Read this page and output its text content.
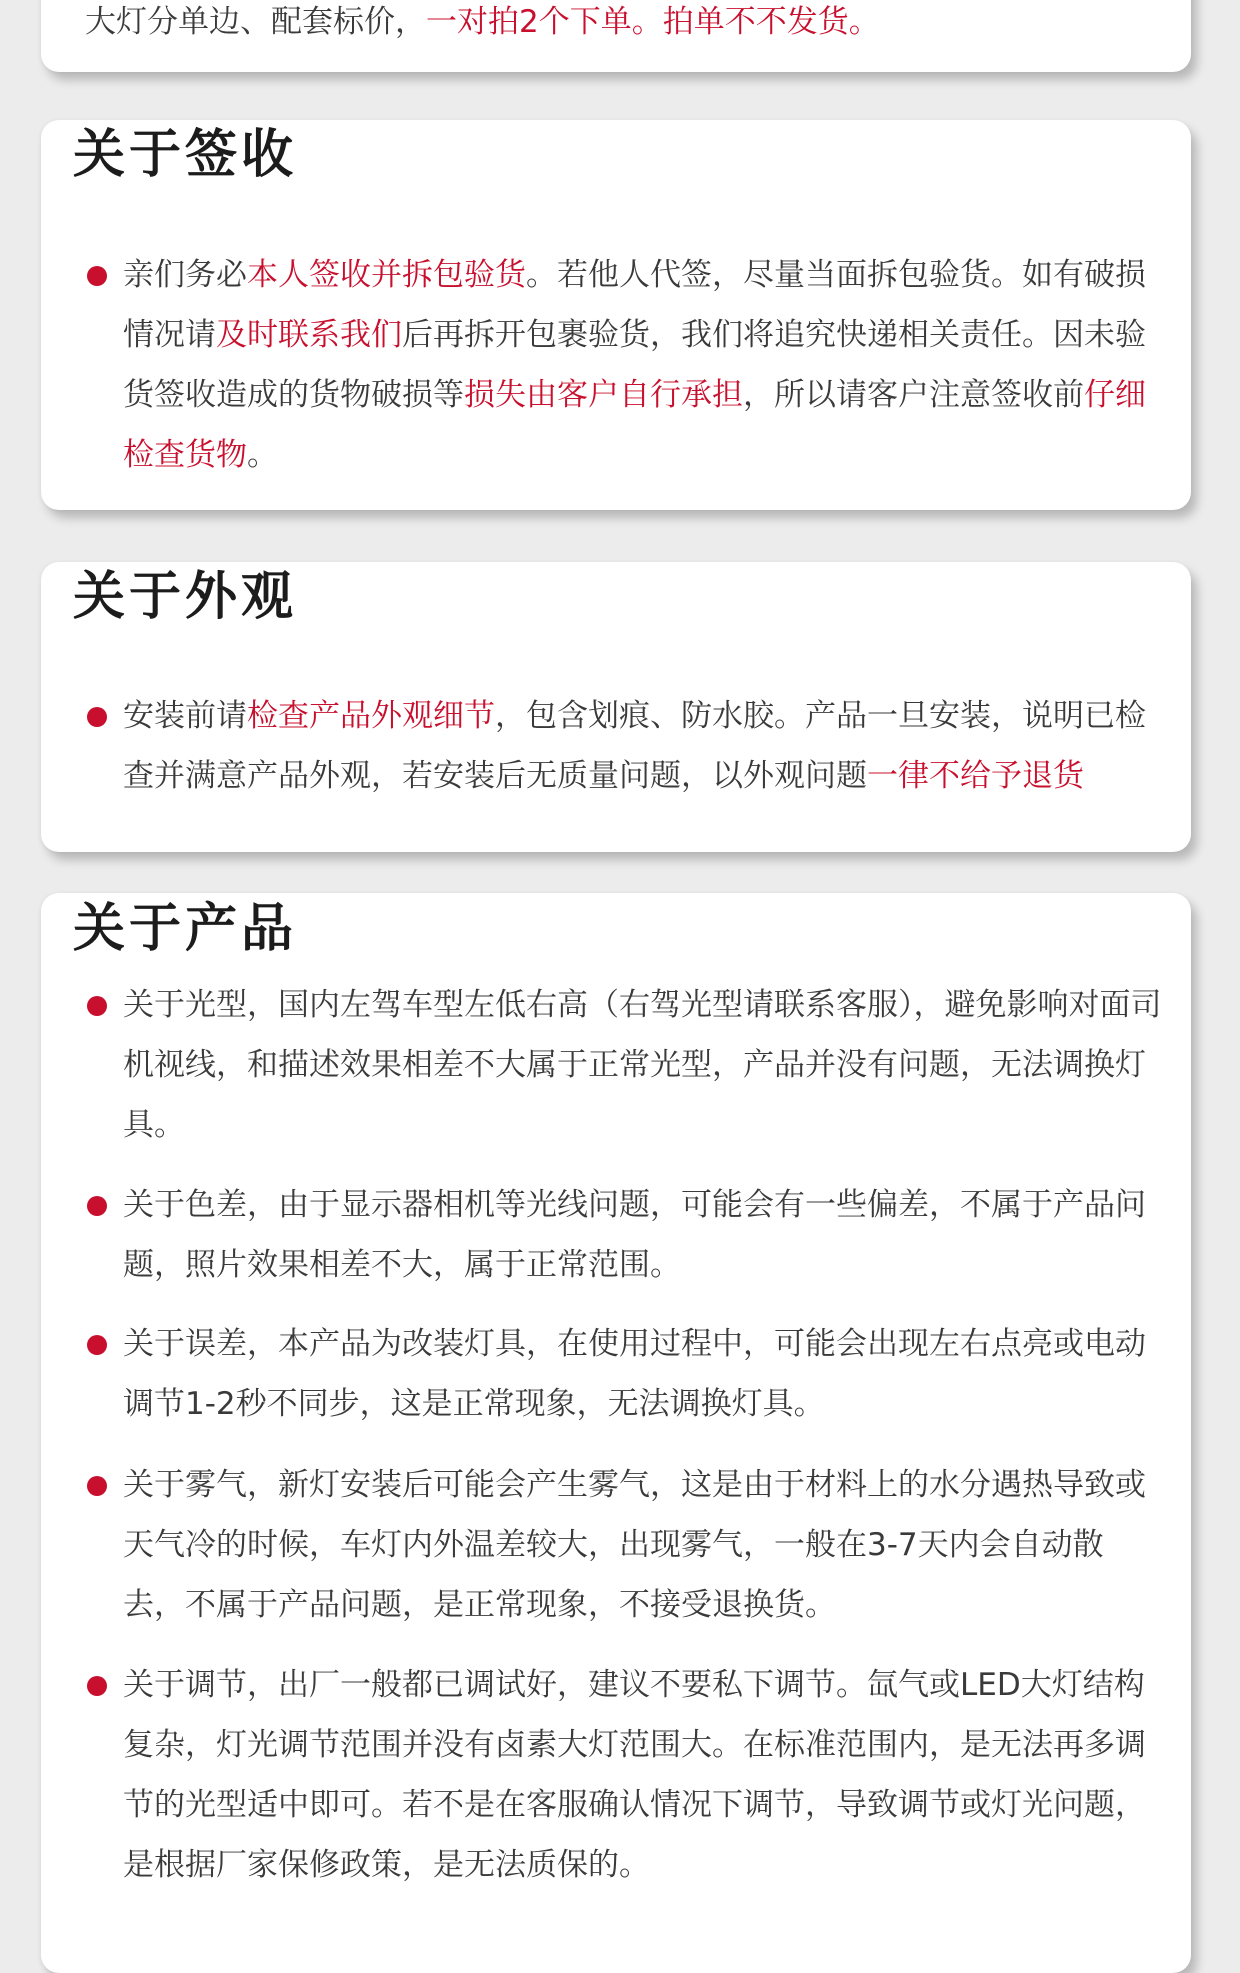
大灯分单边、配套标价，一对拍2个下单。拍单不不发货。
关于签收
亲们务必本人签收并拆包验货。若他人代签，尽量当面拆包验货。如有破损情况请及时联系我们后再拆开包裹验货，我们将追究快递相关责任。因未验货签收造成的货物破损等损失由客户自行承担，所以请客户注意签收前仔细检查货物。
关于外观
安装前请检查产品外观细节，包含划痕、防水胶。产品一旦安装，说明已检查并满意产品外观，若安装后无质量问题，以外观问题一律不给予退货
关于产品
关于光型，国内左驾车型左低右高（右驾光型请联系客服），避免影响对面司机视线，和描述效果相差不大属于正常光型，产品并没有问题，无法调换灯具。
关于色差，由于显示器相机等光线问题，可能会有一些偏差，不属于产品问题，照片效果相差不大，属于正常范围。
关于误差，本产品为改装灯具，在使用过程中，可能会出现左右点亮或电动调节1-2秒不同步，这是正常现象，无法调换灯具。
关于雾气，新灯安装后可能会产生雾气，这是由于材料上的水分遇热导致或天气冷的时候，车灯内外温差较大，出现雾气，一般在3-7天内会自动散去，不属于产品问题，是正常现象，不接受退换货。
关于调节，出厂一般都已调试好，建议不要私下调节。氙气或LED大灯结构复杂，灯光调节范围并没有卤素大灯范围大。在标准范围内，是无法再多调节的光型适中即可。若不是在客服确认情况下调节，导致调节或灯光问题，是根据厂家保修政策，是无法质保的。
